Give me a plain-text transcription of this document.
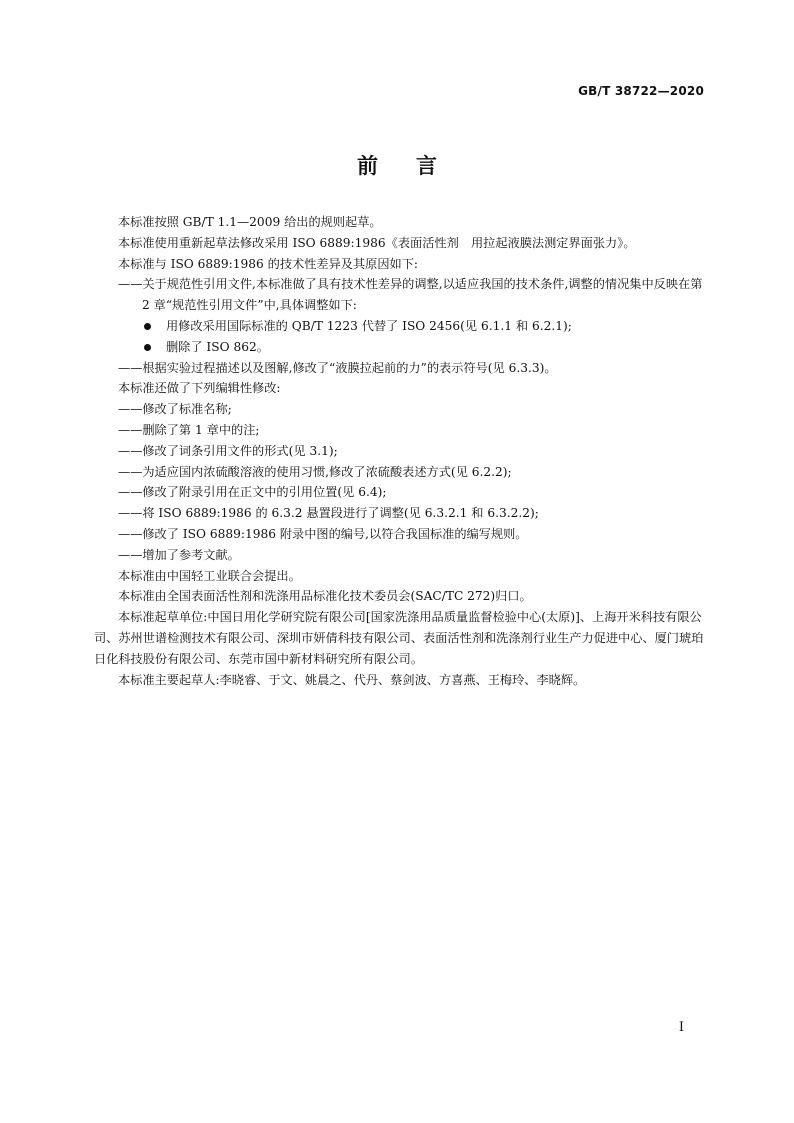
GB/T 38722—2020
前 言

本标准按照 GB/T 1.1—2009 给出的规则起草。

本标准使用重新起草法修改采用 ISO 6889:1986《表面活性剂　用拉起液膜法测定界面张力》。

本标准与 ISO 6889:1986 的技术性差异及其原因如下:

——关于规范性引用文件,本标准做了具有技术性差异的调整,以适应我国的技术条件,调整的情况集中反映在第 2 章“规范性引用文件”中,具体调整如下:

用修改采用国际标准的 QB/T 1223 代替了 ISO 2456(见 6.1.1 和 6.2.1);

删除了 ISO 862。

——根据实验过程描述以及图解,修改了“液膜拉起前的力”的表示符号(见 6.3.3)。

本标准还做了下列编辑性修改:

——修改了标准名称;

——删除了第 1 章中的注;

——修改了词条引用文件的形式(见 3.1);

——为适应国内浓硫酸溶液的使用习惯,修改了浓硫酸表述方式(见 6.2.2);

——修改了附录引用在正文中的引用位置(见 6.4);

——将 ISO 6889:1986 的 6.3.2 悬置段进行了调整(见 6.3.2.1 和 6.3.2.2);

——修改了 ISO 6889:1986 附录中图的编号,以符合我国标准的编写规则。

——增加了参考文献。

本标准由中国轻工业联合会提出。

本标准由全国表面活性剂和洗涤用品标准化技术委员会(SAC/TC 272)归口。

本标准起草单位:中国日用化学研究院有限公司[国家洗涤用品质量监督检验中心(太原)]、上海开米科技有限公司、苏州世谱检测技术有限公司、深圳市妍倩科技有限公司、表面活性剂和洗涤剂行业生产力促进中心、厦门琥珀日化科技股份有限公司、东莞市国中新材料研究所有限公司。

本标准主要起草人:李晓睿、于文、姚晨之、代丹、蔡剑波、方喜燕、王梅玲、李晓辉。

I
